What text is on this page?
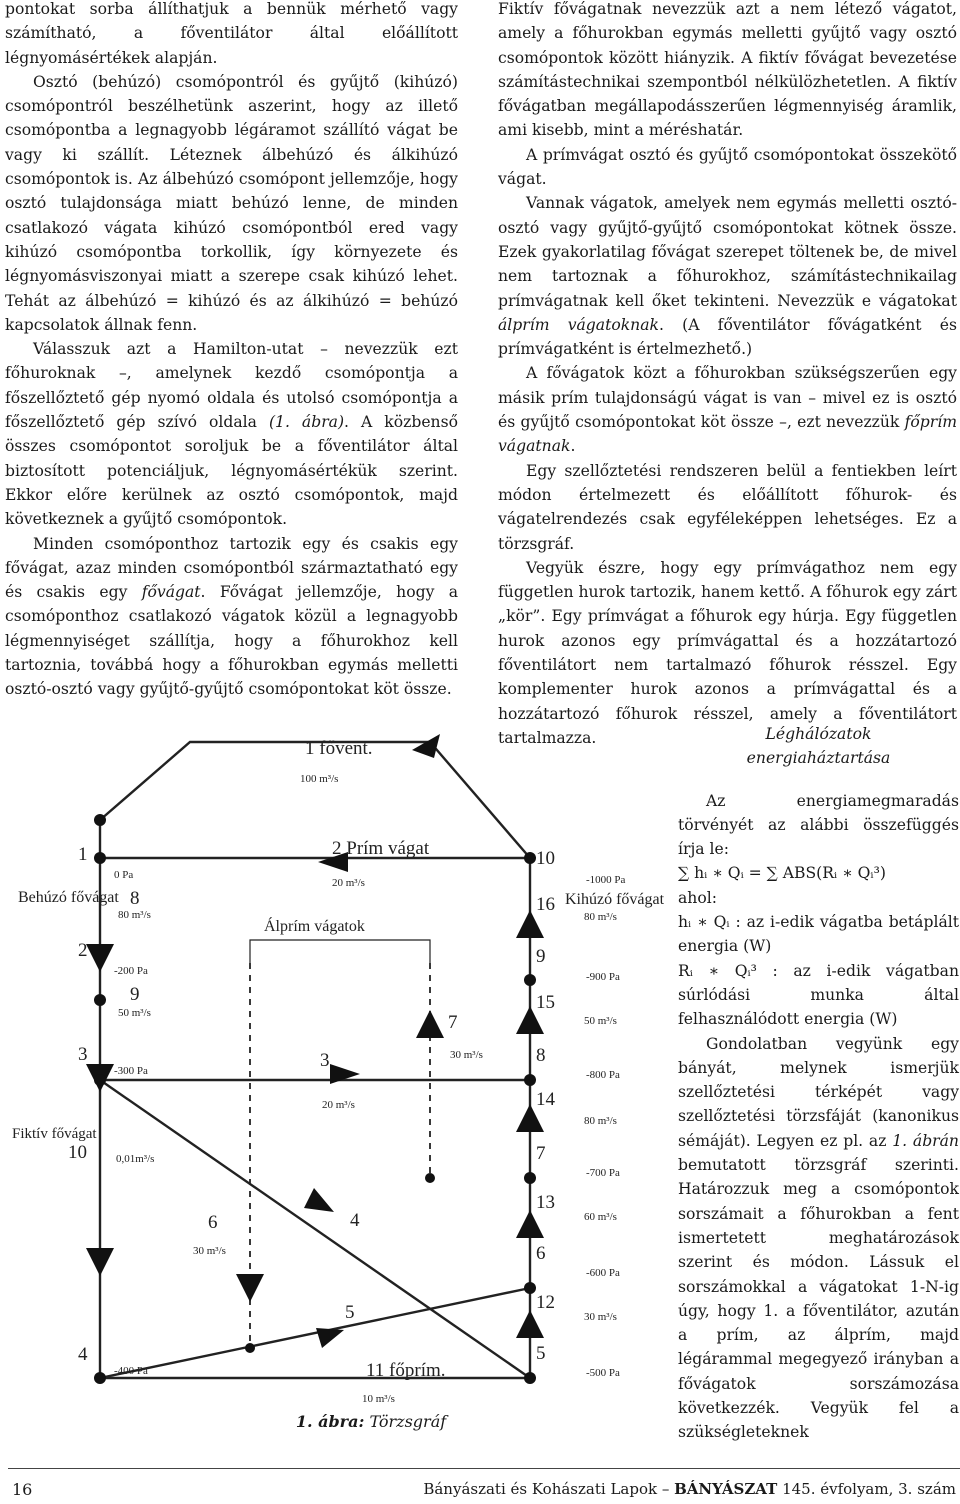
pontokat sorba állíthatjuk a bennük mérhető vagy számítható, a főventilátor által előállított légnyomásértékek alapján.

Osztó (behúzó) csomópontról és gyűjtő (kihúzó) csomópontról beszélhetünk aszerint, hogy az illető csomópontba a legnagyobb légáramot szállító vágat be vagy ki szállít. Léteznek álbehúzó és álkihúzó csomópontok is. Az álbehúzó csomópont jellemzője, hogy osztó tulajdonsága miatt behúzó lenne, de minden csatlakozó vágata kihúzó csomópontból ered vagy kihúzó csomópontba torkollik, így környezete és légnyomásviszonyai miatt a szerepe csak kihúzó lehet. Tehát az álbehúzó = kihúzó és az álkihúzó = behúzó kapcsolatok állnak fenn.

Válasszuk azt a Hamilton-utat – nevezzük ezt főhuroknak –, amelynek kezdő csomópontja a főszellőztető gép nyomó oldala és utolsó csomópontja a főszellőztető gép szívó oldala (1. ábra). A közbenső összes csomópontot soroljuk be a főventilátor által biztosított potenciáljuk, légnyomásértékük szerint. Ekkor előre kerülnek az osztó csomópontok, majd következnek a gyűjtő csomópontok.

Minden csomóponthoz tartozik egy és csakis egy fővágat, azaz minden csomópontból származtatható egy és csakis egy fővágat. Fővágat jellemzője, hogy a csomóponthoz csatlakozó vágatok közül a legnagyobb légmennyiséget szállítja, hogy a főhurokhoz kell tartoznia, továbbá hogy a főhurokban egymás melletti osztó-osztó vagy gyűjtő-gyűjtő csomópontokat köt össze.

Fiktív fővágatnak nevezzük azt a nem létező vágatot, amely a főhurokban egymás melletti gyűjtő vagy osztó csomópontok között hiányzik. A fiktív fővágat bevezetése számítástechnikai szempontból nélkülözhetetlen. A fiktív fővágatban megállapodásszerűen légmennyiség áramlik, ami kisebb, mint a méréshatár.

A prímvágat osztó és gyűjtő csomópontokat összekötő vágat.

Vannak vágatok, amelyek nem egymás melletti osztó-osztó vagy gyűjtő-gyűjtő csomópontokat kötnek össze. Ezek gyakorlatilag fővágat szerepet töltenek be, de mivel nem tartoznak a főhurokhoz, számítástechnikailag prímvágatnak kell őket tekinteni. Nevezzük e vágatokat álprím vágatoknak. (A főventilátor fővágatként és prímvágatként is értelmezhető.)

A fővágatok közt a főhurokban szükségszerűen egy másik prím tulajdonságú vágat is van – mivel ez is osztó és gyűjtő csomópontokat köt össze –, ezt nevezzük főprím vágatnak.

Egy szellőztetési rendszeren belül a fentiekben leírt módon értelmezett és előállított főhurok- és vágatelrendezés csak egyféleképpen lehetséges. Ez a törzsgráf.

Vegyük észre, hogy egy prímvágathoz nem egy független hurok tartozik, hanem kettő. A főhurok egy zárt „kör”. Egy prímvágat a főhurok egy húrja. Egy független hurok azonos egy prímvágattal és a hozzátartozó főventilátort nem tartalmazó főhurok résszel. Egy komplementer hurok azonos a prímvágattal és a hozzátartozó főhurok résszel, amely a főventilátort tartalmazza.	Léghálózatok
energiaháztartása

Az energiamegmaradás törvényét az alábbi összefüggés írja le:

∑ hᵢ ∗ Qᵢ = ∑ ABS(Rᵢ ∗ Qᵢ³)

ahol:

hᵢ ∗ Qᵢ : az i-edik vágatba betáplált energia (W)

Rᵢ ∗ Qᵢ³ : az i-edik vágatban súrlódási munka által felhasználódott energia (W)

Gondolatban vegyünk egy bányát, melynek ismerjük szellőztetési térképét vagy szellőztetési törzsfáját (kanonikus sémáját). Legyen ez pl. az 1. ábrán bemutatott törzsgráf szerinti. Határozzuk meg a csomópontok sorszámait a főhurokban a fent ismertetett meghatározások szerint és módon. Lássuk el sorszámokkal a vágatokat 1-N-ig úgy, hogy 1. a főventilátor, azután a prím, az álprím, majd légárammal megegyező irányban a fővágatok sorszámozása következzék. Vegyük fel a szükségleteknek

1 fővent.
2 Prím vágat
Álprím vágatok
Behúzó fővágat	Kihúzó fővágat
Fiktív fővágat
11 főprím.
3
4
5
6
7
8
9
10
16
15
14
13
12
100 m³/s
20 m³/s
20 m³/s
30 m³/s
30 m³/s
80 m³/s
50 m³/s
0,01m³/s
80 m³/s
50 m³/s
80 m³/s
60 m³/s
30 m³/s
10 m³/s
1
2
3
4
0 Pa
-200 Pa
-300 Pa
-400 Pa
10
9
8
7
6
5
-1000 Pa
-900 Pa
-800 Pa
-700 Pa
-600 Pa
-500 Pa
1. ábra: Törzsgráf
16	Bányászati és Kohászati Lapok – BÁNYÁSZAT 145. évfolyam, 3. szám
